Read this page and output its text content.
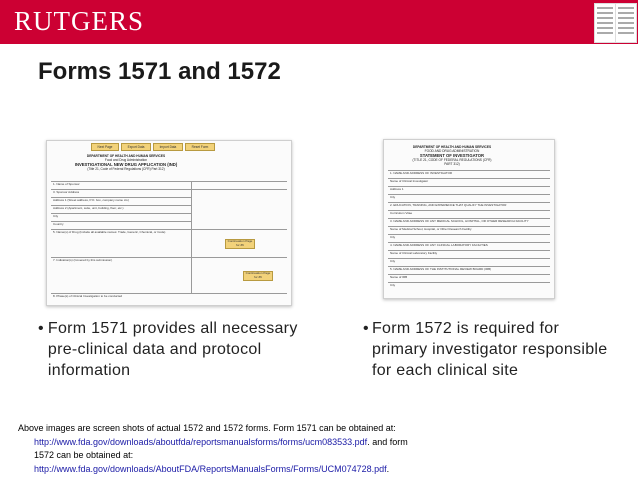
RUTGERS
Forms 1571 and 1572
Next Page	Export Data	Import Data	Reset Form
DEPARTMENT OF HEALTH AND HUMAN SERVICES
Food and Drug Administration
INVESTIGATIONAL NEW DRUG APPLICATION (IND)
(Title 21, Code of Federal Regulations (CFR) Part 312)
1. Name of Sponsor
3. Sponsor Address
Address 1 (Street address, P.O. box, company name c/o)
Address 2 (Apartment, suite, unit, building, floor, etc.)
City
Country
5. Name(s) of Drug (Include all available names: Trade, Generic, Chemical, or Code)
7. Indication(s) (Covered by this submission)
8. Phase(s) of Clinical Investigation to be conducted
Continuation Page for #6
Continuation Page for #6
DEPARTMENT OF HEALTH AND HUMAN SERVICES
FOOD AND DRUG ADMINISTRATION
STATEMENT OF INVESTIGATOR
(TITLE 21, CODE OF FEDERAL REGULATIONS (CFR) PART 312)
1. NAME AND ADDRESS OF INVESTIGATOR
Name of Clinical Investigator
Address 1
City
2. EDUCATION, TRAINING, AND EXPERIENCE THAT QUALIFY THE INVESTIGATOR
Curriculum Vitae
3. NAME AND ADDRESS OF ANY MEDICAL SCHOOL, HOSPITAL, OR OTHER RESEARCH FACILITY
Name of Medical School, Hospital, or Other Research Facility
City
4. NAME AND ADDRESS OF ANY CLINICAL LABORATORY FACILITIES
Name of Clinical Laboratory Facility
City
5. NAME AND ADDRESS OF THE INSTITUTIONAL REVIEW BOARD (IRB)
Name of IRB
City
• Form 1571 provides all necessary pre-clinical data and protocol information
• Form 1572 is required for primary investigator responsible for each clinical site

Above images are screen shots of actual 1572 and 1572 forms. Form 1571 can be obtained at:

http://www.fda.gov/downloads/aboutfda/reportsmanualsforms/forms/ucm083533.pdf. and form

1572 can be obtained at:

http://www.fda.gov/downloads/AboutFDA/ReportsManualsForms/Forms/UCM074728.pdf.
